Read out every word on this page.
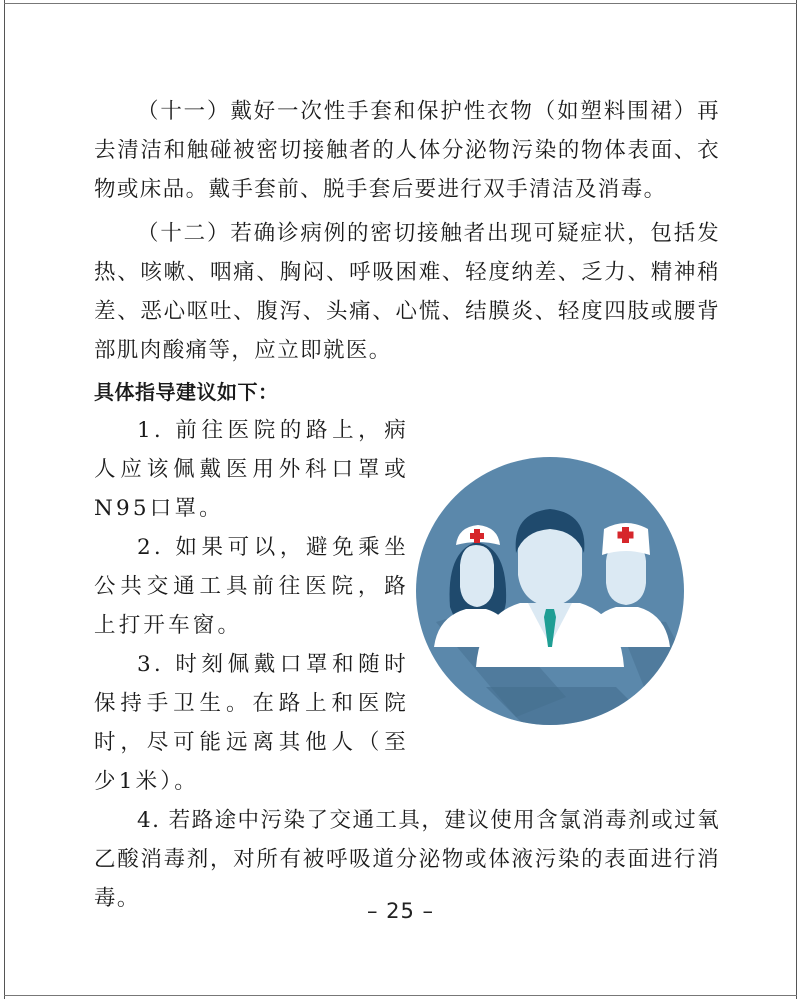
（十一）戴好一次性手套和保护性衣物（如塑料围裙）再去清洁和触碰被密切接触者的人体分泌物污染的物体表面、衣物或床品。戴手套前、脱手套后要进行双手清洁及消毒。

（十二）若确诊病例的密切接触者出现可疑症状，包括发热、咳嗽、咽痛、胸闷、呼吸困难、轻度纳差、乏力、精神稍差、恶心呕吐、腹泻、头痛、心慌、结膜炎、轻度四肢或腰背部肌肉酸痛等，应立即就医。

具体指导建议如下：

1. 前往医院的路上，病人应该佩戴医用外科口罩或N95口罩。

2. 如果可以，避免乘坐公共交通工具前往医院，路上打开车窗。

3. 时刻佩戴口罩和随时保持手卫生。在路上和医院时，尽可能远离其他人（至少1米）。

4. 若路途中污染了交通工具，建议使用含氯消毒剂或过氧乙酸消毒剂，对所有被呼吸道分泌物或体液污染的表面进行消毒。	– 25 –
